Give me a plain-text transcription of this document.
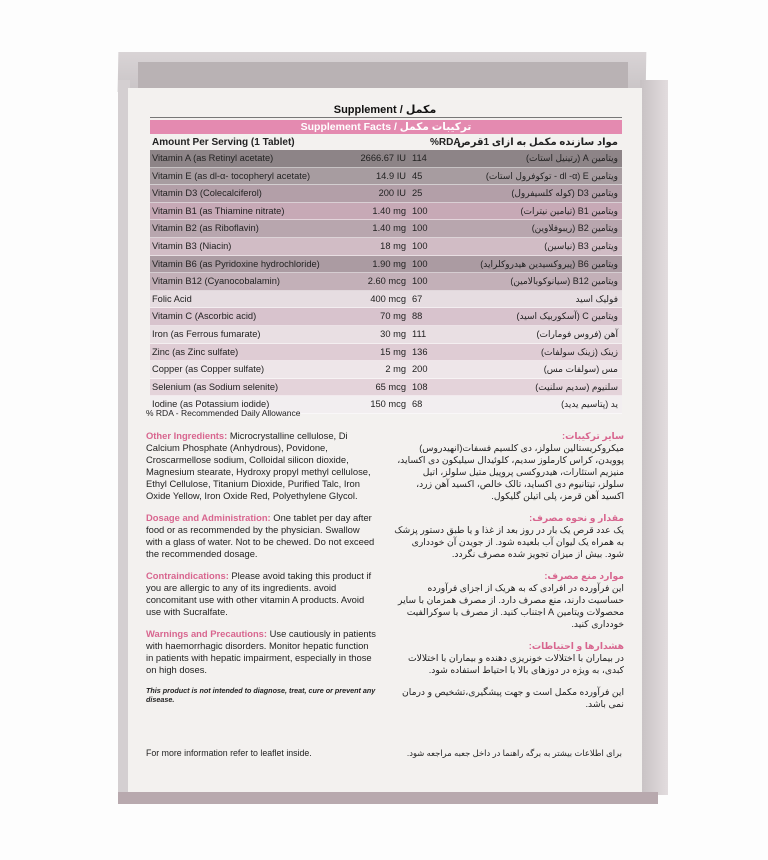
Supplement / مکمل
Supplement Facts / ترکیبات مکمل
Amount Per Serving (1 Tablet)	%RDA
مواد سازنده مکمل به ازای 1قرص
Vitamin A (as Retinyl acetate)	2666.67 IU 114	ویتامین A (رتینیل استات)
Vitamin E (as dl-α- tocopheryl acetate)	14.9 IU 45	ویتامین E (dl -α - توکوفرول استات)
Vitamin D3 (Colecalciferol)	200 IU 25	ویتامین D3 (کوله کلسیفرول)
Vitamin B1 (as Thiamine nitrate)	1.40 mg 100	ویتامین B1 (تیامین نیترات)
Vitamin B2 (as Riboflavin)	1.40 mg 100	ویتامین B2 (ریبوفلاوین)
Vitamin B3 (Niacin)	18 mg 100	ویتامین B3 (نیاسین)
Vitamin B6 (as Pyridoxine hydrochloride)	1.90 mg 100	ویتامین B6 (پیروکسیدین هیدروکلراید)
Vitamin B12 (Cyanocobalamin)	2.60 mcg 100	ویتامین B12 (سیانوکوبالامین)
Folic Acid	400 mcg 67	فولیک اسید
Vitamin C (Ascorbic acid)	70 mg 88	ویتامین C (آسکوربیک اسید)
Iron (as Ferrous fumarate)	30 mg 111	آهن (فروس فومارات)
Zinc (as Zinc sulfate)	15 mg 136	زینک (زینک سولفات)
Copper (as Copper sulfate)	2 mg 200	مس (سولفات مس)
Selenium (as Sodium selenite)	65 mcg 108	سلنیوم (سدیم سلنیت)
Iodine (as Potassium iodide)	150 mcg 68	ید (پتاسیم یدید)
% RDA - Recommended Daily Allowance
Other Ingredients: Microcrystalline cellulose, Di Calcium Phosphate (Anhydrous), Povidone, Croscarmellose sodium, Colloidal silicon dioxide, Magnesium stearate, Hydroxy propyl methyl cellulose, Ethyl Cellulose, Titanium Dioxide, Purified Talc, Iron Oxide Yellow, Iron Oxide Red, Polyethylene Glycol.
Dosage and Administration: One tablet per day after food or as recommended by the physician. Swallow with a glass of water. Not to be chewed. Do not exceed the recommended dosage.
Contraindications: Please avoid taking this product if you are allergic to any of its ingredients. avoid concomitant use with other vitamin A products. Avoid use with Sucralfate.
Warnings and Precautions: Use cautiously in patients with haemorrhagic disorders. Monitor hepatic function in patients with hepatic impairment, especially in those on high doses.
This product is not intended to diagnose, treat, cure or prevent any disease.
سایر ترکیبات:
میکروکریستالین سلولز، دی کلسیم فسفات(انهیدروس) پوویدن، کراس کارملوز سدیم، کلوئیدال سیلیکون دی اکساید، منیزیم استئارات، هیدروکسی پروپیل متیل سلولز، اتیل سلولز، تیتانیوم دی اکساید، تالک خالص، اکسید آهن زرد، اکسید آهن قرمز، پلی اتیلن گلیکول.
مقدار و نحوه مصرف:
یک عدد قرص یک بار در روز بعد از غذا و یا طبق دستور پزشک به همراه یک لیوان آب بلعیده شود. از جویدن آن خودداری شود. بیش از میزان تجویز شده مصرف نگردد.
موارد منع مصرف:
این فرآورده در افرادی که به هریک از اجزای فرآورده حساسیت دارند، منع مصرف دارد. از مصرف همزمان با سایر محصولات ویتامین A اجتناب کنید. از مصرف با سوکرالفیت خودداری کنید.
هشدارها و احتیاطات:
در بیماران با اختلالات خونریزی دهنده و بیماران با اختلالات کبدی، به ویژه در دوزهای بالا با احتیاط استفاده شود.
این فرآورده مکمل است و جهت پیشگیری،تشخیص و درمان نمی باشد.
For more information refer to leaflet inside.	برای اطلاعات بیشتر به برگه راهنما در داخل جعبه مراجعه شود.
